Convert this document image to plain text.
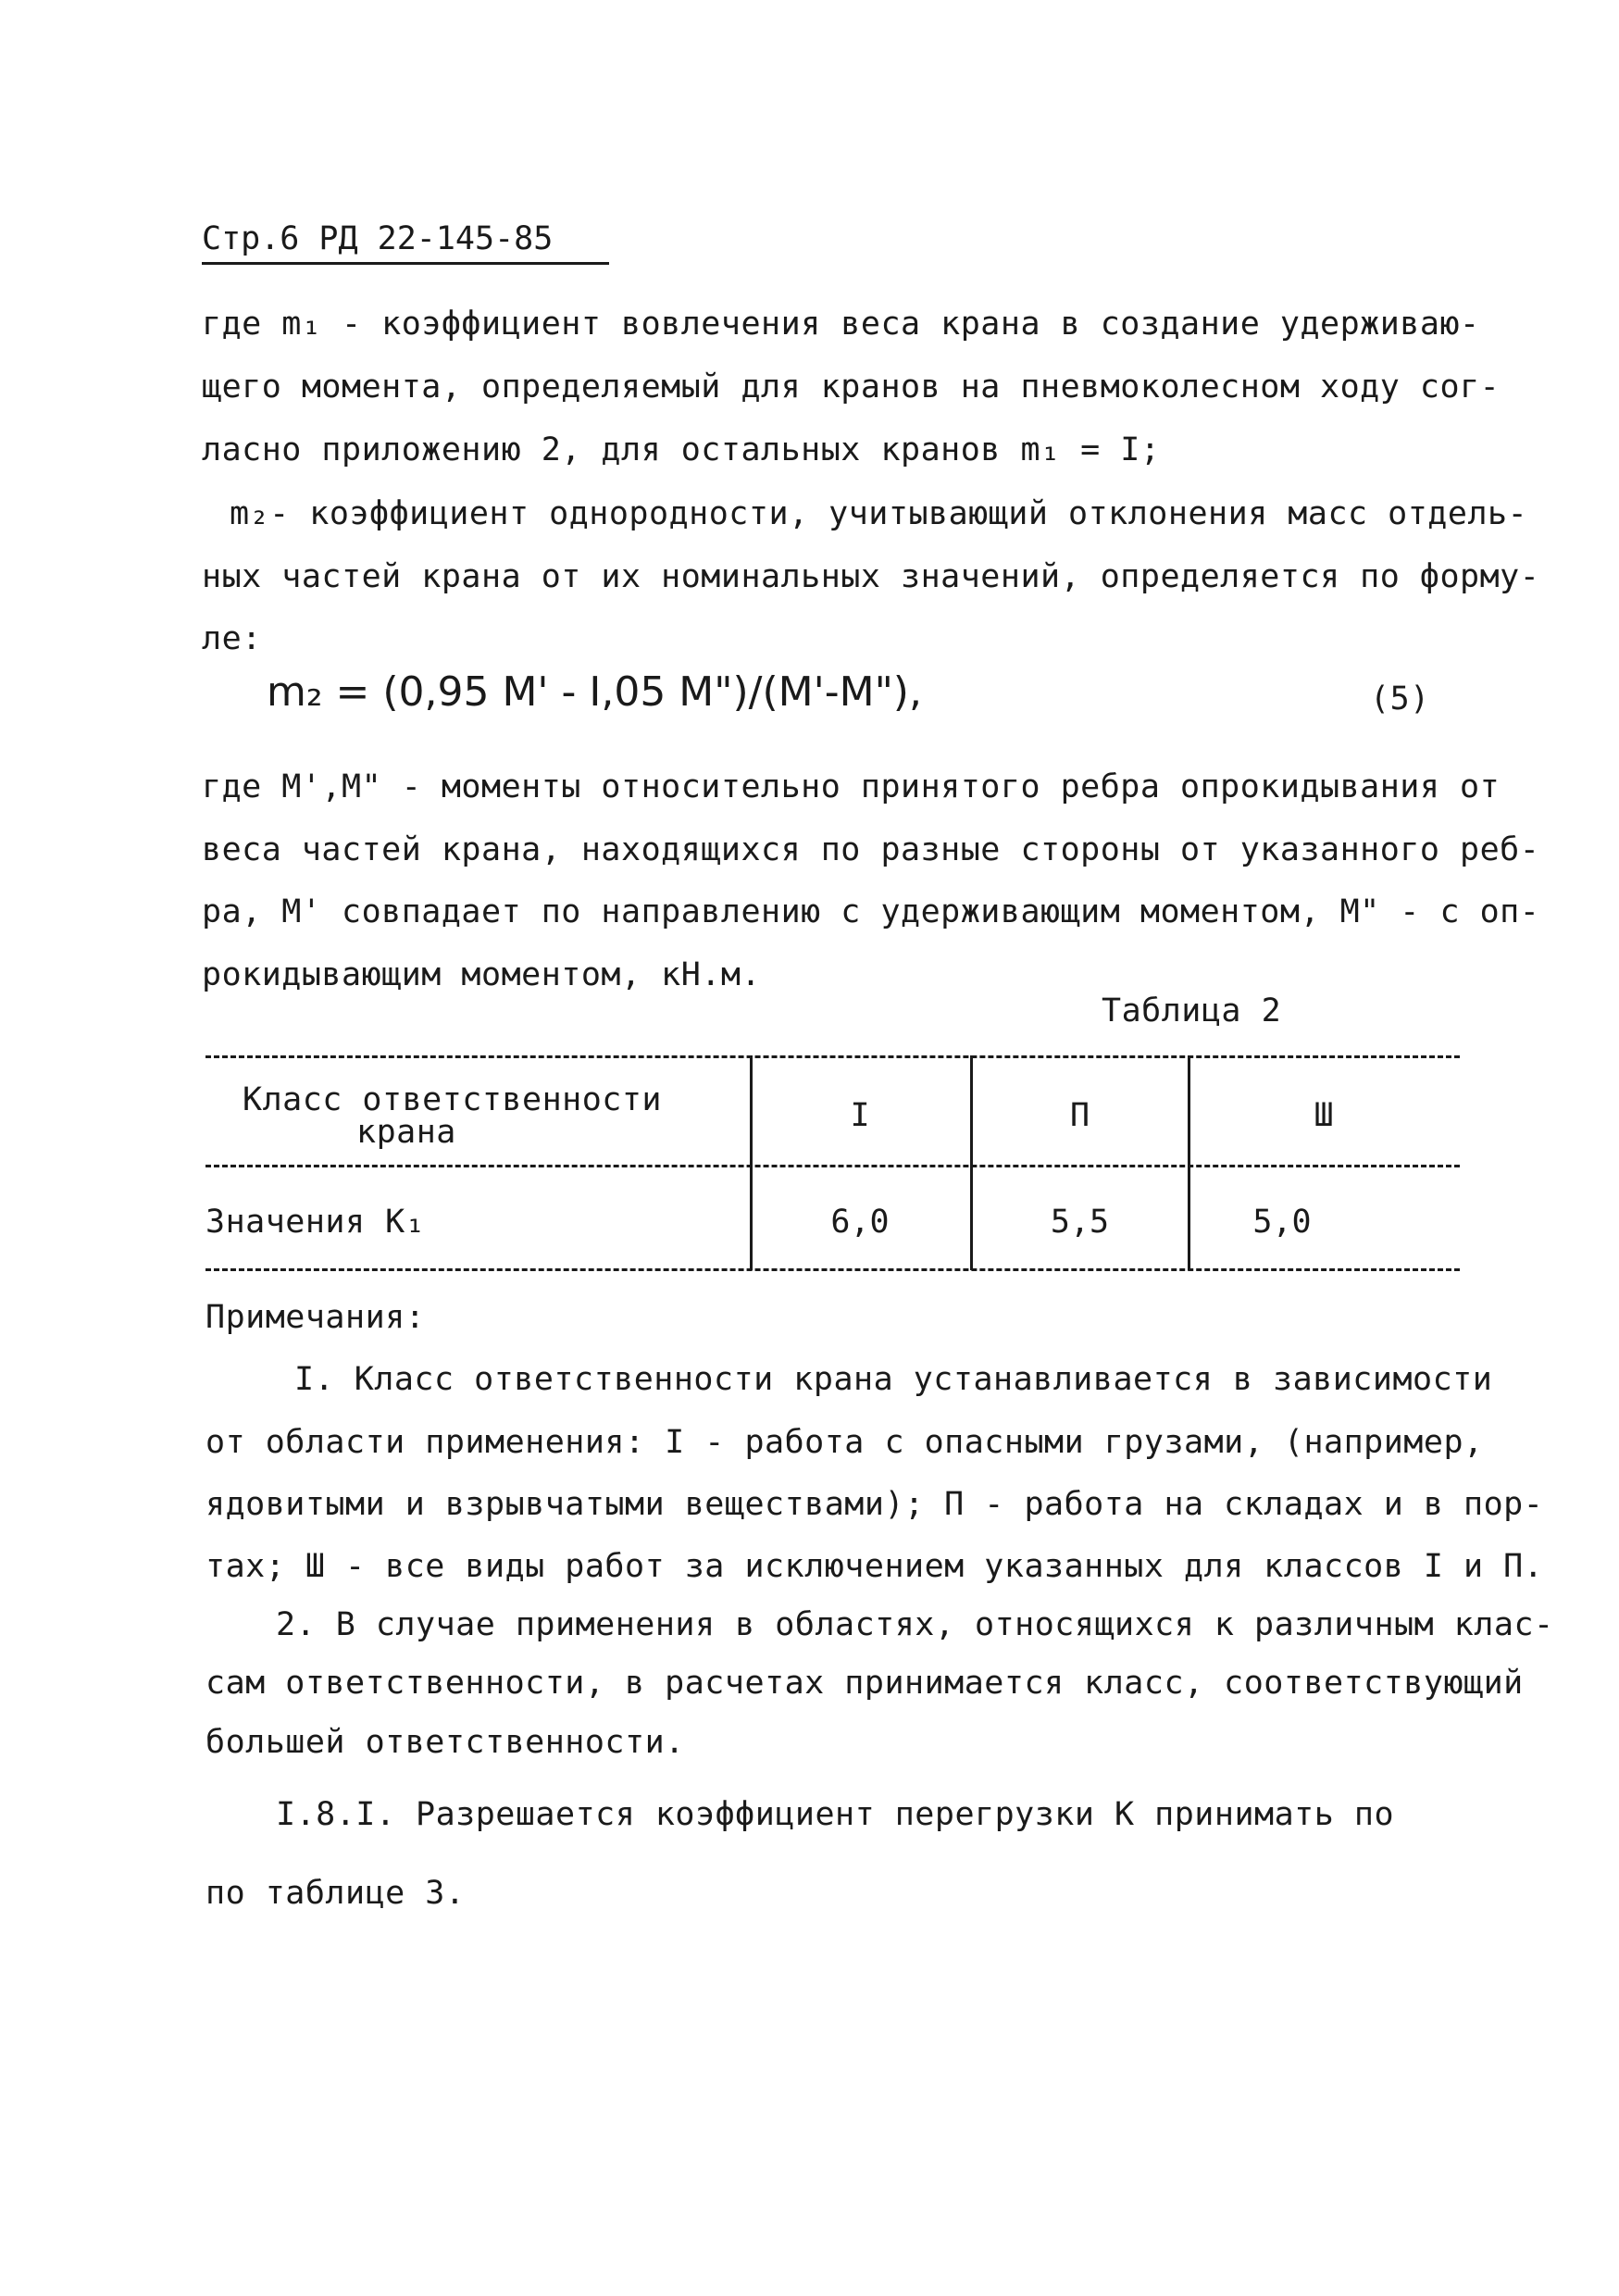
Стр.6 РД 22-145-85
где m₁ - коэффициент вовлечения веса крана в создание удерживаю-
щего момента, определяемый для кранов на пневмоколесном ходу сог-
ласно приложению 2, для остальных кранов m₁ = I;
m₂- коэффициент однородности, учитывающий отклонения масс отдель-
ных частей крана от их номинальных значений, определяется по форму-
ле:
m₂ = (0,95 M' - I,05 M")/(M'-M"),	(5)
где M',M" - моменты относительно принятого ребра опрокидывания от
веса частей крана, находящихся по разные стороны от указанного реб-
ра, M' совпадает по направлению с удерживающим моментом, M" - с оп-
рокидывающим моментом, кН.м.
Таблица 2
Класс ответственности
крана	I	П	Ш
Значения K₁	6,0	5,5	5,0
Примечания:
I. Класс ответственности крана устанавливается в зависимости
от области применения: I - работа с опасными грузами, (например,
ядовитыми и взрывчатыми веществами); П - работа на складах и в пор-
тах; Ш - все виды работ за исключением указанных для классов I и П.
2. В случае применения в областях, относящихся к различным клас-
сам ответственности, в расчетах принимается класс, соответствующий
большей ответственности.
I.8.I. Разрешается коэффициент перегрузки K принимать по
по таблице 3.
